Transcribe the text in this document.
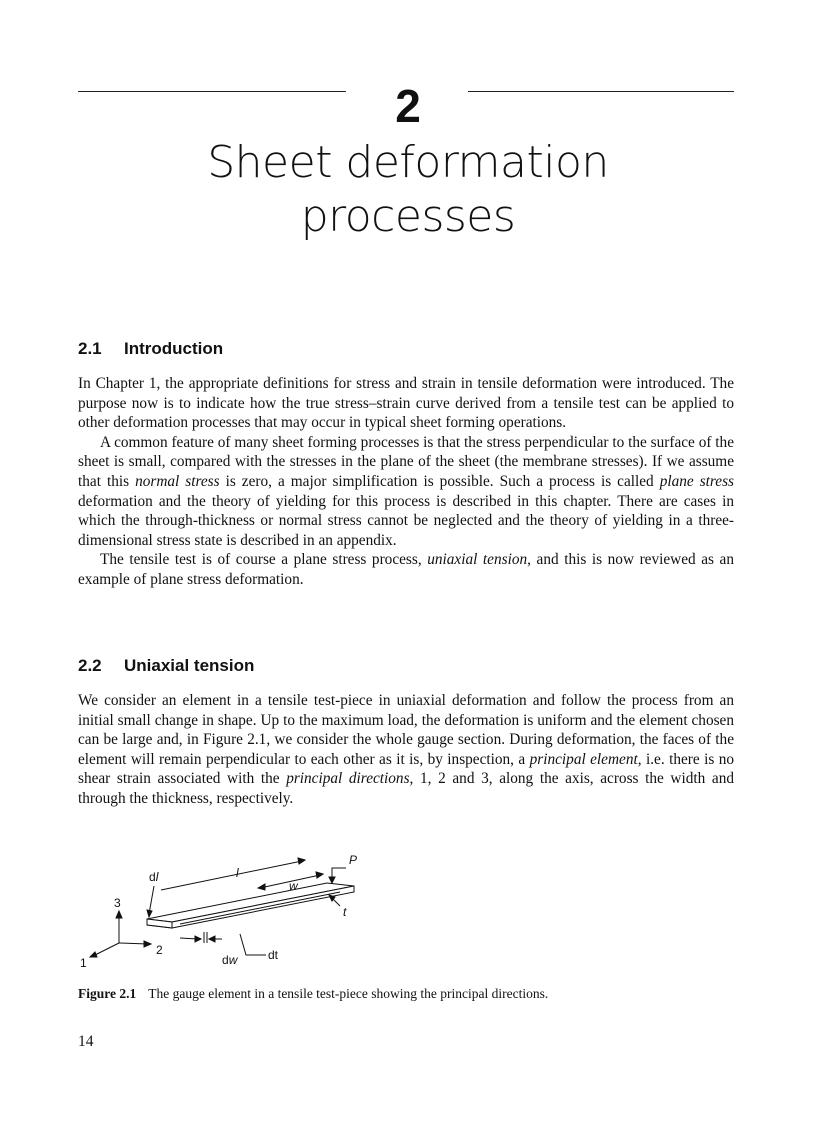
2
Sheet deformation
processes
2.1 Introduction

In Chapter 1, the appropriate definitions for stress and strain in tensile deformation were introduced. The purpose now is to indicate how the true stress–strain curve derived from a tensile test can be applied to other deformation processes that may occur in typical sheet forming operations.

A common feature of many sheet forming processes is that the stress perpendicular to the surface of the sheet is small, compared with the stresses in the plane of the sheet (the membrane stresses). If we assume that this normal stress is zero, a major simplification is possible. Such a process is called plane stress deformation and the theory of yielding for this process is described in this chapter. There are cases in which the through-thickness or normal stress cannot be neglected and the theory of yielding in a three-dimensional stress state is described in an appendix.

The tensile test is of course a plane stress process, uniaxial tension, and this is now reviewed as an example of plane stress deformation.

2.2 Uniaxial tension

We consider an element in a tensile test-piece in uniaxial deformation and follow the process from an initial small change in shape. Up to the maximum load, the deformation is uniform and the element chosen can be large and, in Figure 2.1, we consider the whole gauge section. During deformation, the faces of the element will remain perpendicular to each other as it is, by inspection, a principal element, i.e. there is no shear strain associated with the principal directions, 1, 2 and 3, along the axis, across the width and through the thickness, respectively.

dl	l
w
P
t
3
2
1	dw	dt
Figure 2.1 The gauge element in a tensile test-piece showing the principal directions.
14
